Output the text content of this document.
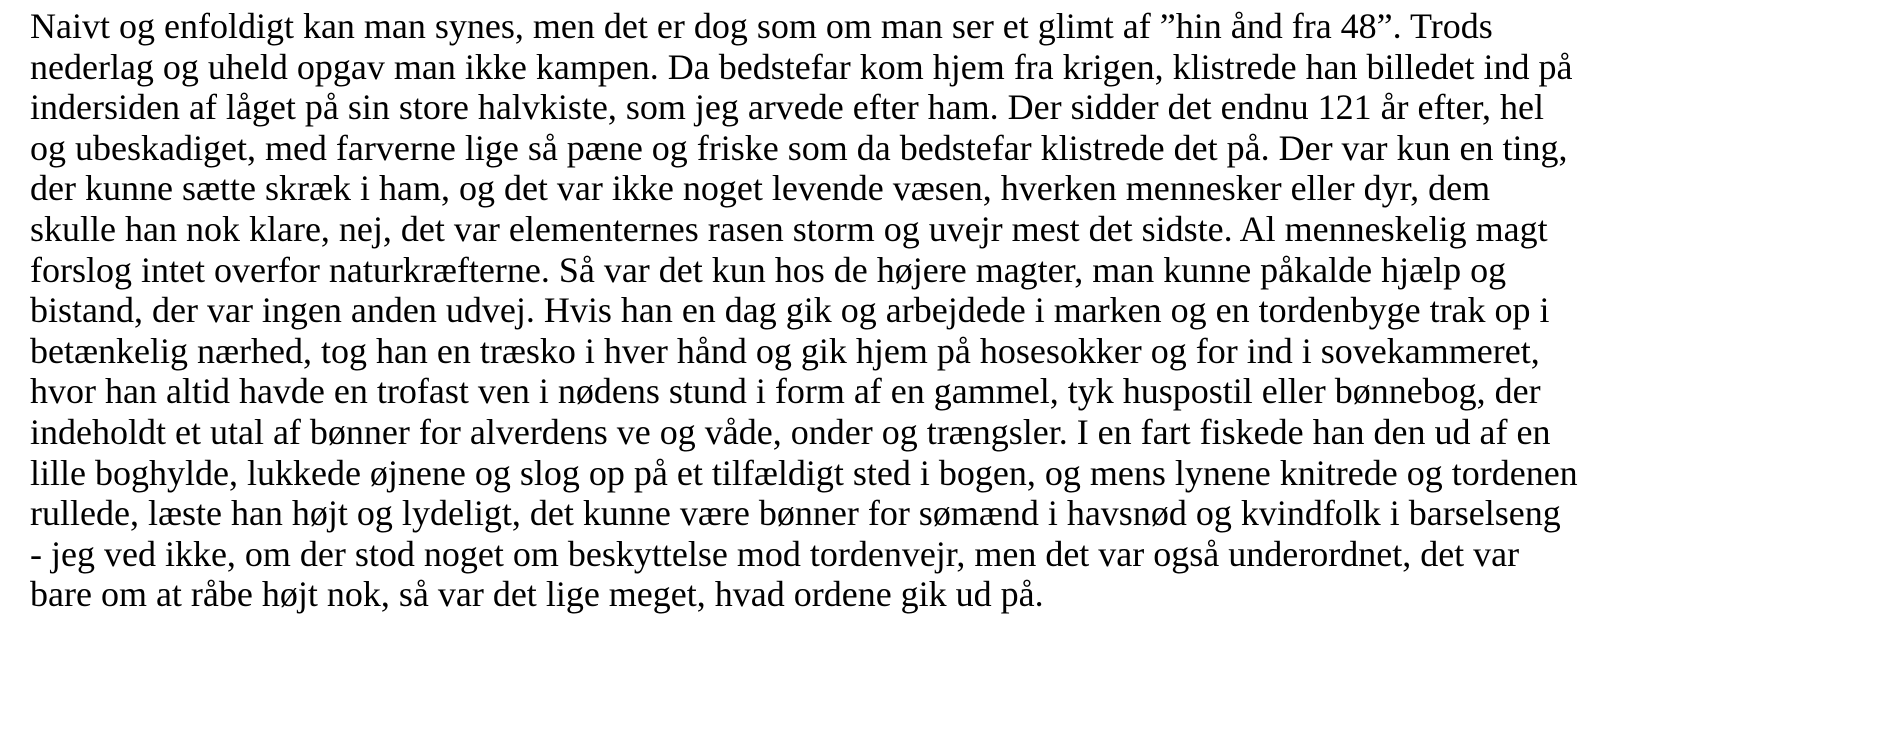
Naivt og enfoldigt kan man synes, men det er dog som om man ser et glimt af ”hin ånd fra 48”. Trods
nederlag og uheld opgav man ikke kampen. Da bedstefar kom hjem fra krigen, klistrede han billedet ind på
indersiden af låget på sin store halvkiste, som jeg arvede efter ham. Der sidder det endnu 121 år efter, hel
og ubeskadiget, med farverne lige så pæne og friske som da bedstefar klistrede det på. Der var kun en ting,
der kunne sætte skræk i ham, og det var ikke noget levende væsen, hverken mennesker eller dyr, dem
skulle han nok klare, nej, det var elementernes rasen storm og uvejr mest det sidste. Al menneskelig magt
forslog intet overfor naturkræfterne. Så var det kun hos de højere magter, man kunne påkalde hjælp og
bistand, der var ingen anden udvej. Hvis han en dag gik og arbejdede i marken og en tordenbyge trak op i
betænkelig nærhed, tog han en træsko i hver hånd og gik hjem på hosesokker og for ind i sovekammeret,
hvor han altid havde en trofast ven i nødens stund i form af en gammel, tyk huspostil eller bønnebog, der
indeholdt et utal af bønner for alverdens ve og våde, onder og trængsler. I en fart fiskede han den ud af en
lille boghylde, lukkede øjnene og slog op på et tilfældigt sted i bogen, og mens lynene knitrede og tordenen
rullede, læste han højt og lydeligt, det kunne være bønner for sømænd i havsnød og kvindfolk i barselseng
- jeg ved ikke, om der stod noget om beskyttelse mod tordenvejr, men det var også underordnet, det var
bare om at råbe højt nok, så var det lige meget, hvad ordene gik ud på.
